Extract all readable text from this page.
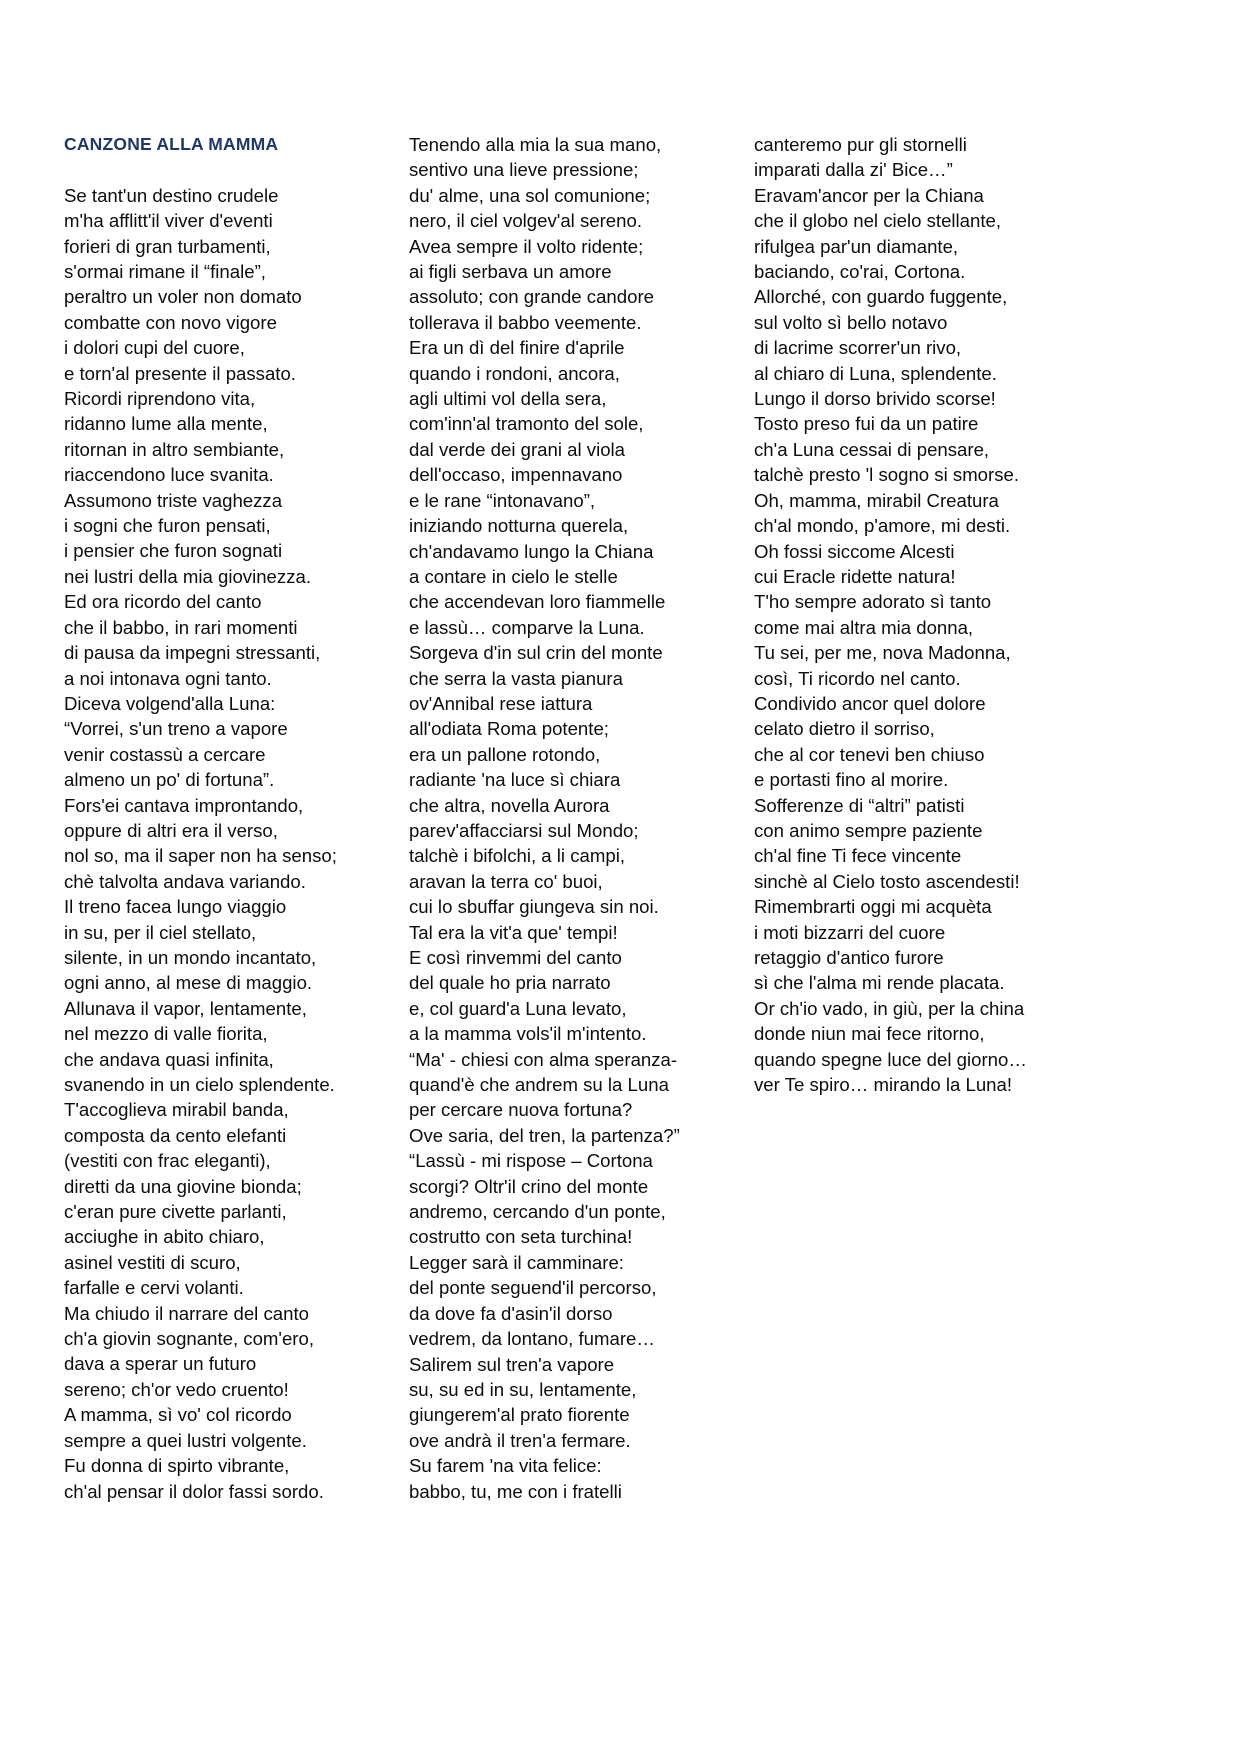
CANZONE ALLA MAMMA
Se tant'un destino crudele
m'ha afflitt'il viver d'eventi
forieri di gran turbamenti,
s'ormai rimane il “finale”,
peraltro un voler non domato
combatte con novo vigore
i dolori cupi del cuore,
e torn'al presente il passato.
Ricordi riprendono vita,
ridanno lume alla mente,
ritornan in altro sembiante,
riaccendono luce svanita.
Assumono triste vaghezza
i sogni che furon pensati,
i pensier che furon sognati
nei lustri della mia giovinezza.
Ed ora ricordo del canto
che il babbo, in rari momenti
di pausa da impegni stressanti,
a noi intonava ogni tanto.
Diceva volgend'alla Luna:
“Vorrei, s'un treno a vapore
venir costassù a cercare
almeno un po' di fortuna”.
Fors'ei cantava improntando,
oppure di altri era il verso,
nol so, ma il saper non ha senso;
chè talvolta andava variando.
Il treno facea lungo viaggio
in su, per il ciel stellato,
silente, in un mondo incantato,
ogni anno, al mese di maggio.
Allunava il vapor, lentamente,
nel mezzo di valle fiorita,
che andava quasi infinita,
svanendo in un cielo splendente.
T'accoglieva mirabil banda,
composta da cento elefanti
(vestiti con frac eleganti),
diretti da una giovine bionda;
c'eran pure civette parlanti,
acciughe in abito chiaro,
asinel vestiti di scuro,
farfalle e cervi volanti.
Ma chiudo il narrare del canto
ch'a giovin sognante, com'ero,
dava a sperar un futuro
sereno; ch'or vedo cruento!
A mamma, sì vo' col ricordo
sempre a quei lustri volgente.
Fu donna di spirto vibrante,
ch'al pensar il dolor fassi sordo.
Tenendo alla mia la sua mano,
sentivo una lieve pressione;
du' alme, una sol comunione;
nero, il ciel volgev'al sereno.
Avea sempre il volto ridente;
ai figli serbava un amore
assoluto; con grande candore
tollerava il babbo veemente.
Era un dì del finire d'aprile
quando i rondoni, ancora,
agli ultimi vol della sera,
com'inn'al tramonto del sole,
dal verde dei grani al viola
dell'occaso, impennavano
e le rane “intonavano”,
iniziando notturna querela,
ch'andavamo lungo la Chiana
a contare in cielo le stelle
che accendevan loro fiammelle
e lassù… comparve la Luna.
Sorgeva d'in sul crin del monte
che serra la vasta pianura
ov'Annibal rese iattura
all'odiata Roma potente;
era un pallone rotondo,
radiante 'na luce sì chiara
che altra, novella Aurora
parev'affacciarsi sul Mondo;
talchè i bifolchi, a li campi,
aravan la terra co' buoi,
cui lo sbuffar giungeva sin noi.
Tal era la vit'a que' tempi!
E così rinvemmi del canto
del quale ho pria narrato
e, col guard'a Luna levato,
a la mamma vols'il m'intento.
“Ma' - chiesi con alma speranza-
quand'è che andrem su la Luna
per cercare nuova fortuna?
Ove saria, del tren, la partenza?”
“Lassù - mi rispose – Cortona
scorgi? Oltr'il crino del monte
andremo, cercando d'un ponte,
costrutto con seta turchina!
Legger sarà il camminare:
del ponte seguend'il percorso,
da dove fa d'asin'il dorso
vedrem, da lontano, fumare…
Salirem sul tren'a vapore
su, su ed in su, lentamente,
giungerem'al prato fiorente
ove andrà il tren'a fermare.
Su farem 'na vita felice:
babbo, tu, me con i fratelli
canteremo pur gli stornelli
imparati dalla zi' Bice…”
Eravam'ancor per la Chiana
che il globo nel cielo stellante,
rifulgea par'un diamante,
baciando, co'rai, Cortona.
Allorché, con guardo fuggente,
sul volto sì bello notavo
di lacrime scorrer'un rivo,
al chiaro di Luna, splendente.
Lungo il dorso brivido scorse!
Tosto preso fui da un patire
ch'a Luna cessai di pensare,
talchè presto 'l sogno si smorse.
Oh, mamma, mirabil Creatura
ch'al mondo, p'amore, mi desti.
Oh fossi siccome Alcesti
cui Eracle ridette natura!
T'ho sempre adorato sì tanto
come mai altra mia donna,
Tu sei, per me, nova Madonna,
così, Ti ricordo nel canto.
Condivido ancor quel dolore
celato dietro il sorriso,
che al cor tenevi ben chiuso
e portasti fino al morire.
Sofferenze di “altri” patisti
con animo sempre paziente
ch'al fine Ti fece vincente
sinchè al Cielo tosto ascendesti!
Rimembrarti oggi mi acquèta
i moti bizzarri del cuore
retaggio d'antico furore
sì che l'alma mi rende placata.
Or ch'io vado, in giù, per la china
donde niun mai fece ritorno,
quando spegne luce del giorno…
ver Te spiro… mirando la Luna!
